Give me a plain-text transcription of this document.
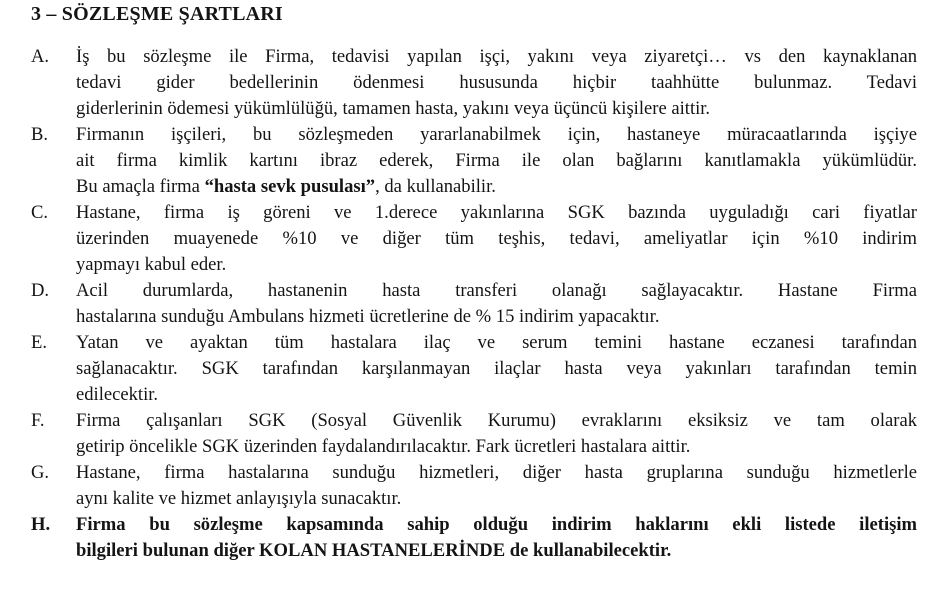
3 – SÖZLEŞME ŞARTLARI
A.	İş bu sözleşme ile Firma, tedavisi yapılan işçi, yakını veya ziyaretçi… vs den kaynaklanan
tedavi gider bedellerinin ödenmesi hususunda hiçbir taahhütte bulunmaz. Tedavi
giderlerinin ödemesi yükümlülüğü, tamamen hasta, yakını veya üçüncü kişilere aittir.
B.	Firmanın işçileri, bu sözleşmeden yararlanabilmek için, hastaneye müracaatlarında işçiye
ait firma kimlik kartını ibraz ederek, Firma ile olan bağlarını kanıtlamakla yükümlüdür.
Bu amaçla firma “hasta sevk pusulası”, da kullanabilir.
C.	Hastane, firma iş göreni ve 1.derece yakınlarına SGK bazında uyguladığı cari fiyatlar
üzerinden muayenede %10 ve diğer tüm teşhis, tedavi, ameliyatlar için %10 indirim
yapmayı kabul eder.
D.	Acil durumlarda, hastanenin hasta transferi olanağı sağlayacaktır. Hastane Firma
hastalarına sunduğu Ambulans hizmeti ücretlerine de % 15 indirim yapacaktır.
E.	Yatan ve ayaktan tüm hastalara ilaç ve serum temini hastane eczanesi tarafından
sağlanacaktır. SGK tarafından karşılanmayan ilaçlar hasta veya yakınları tarafından temin
edilecektir.
F.	Firma çalışanları SGK (Sosyal Güvenlik Kurumu) evraklarını eksiksiz ve tam olarak
getirip öncelikle SGK üzerinden faydalandırılacaktır. Fark ücretleri hastalara aittir.
G.	Hastane, firma hastalarına sunduğu hizmetleri, diğer hasta gruplarına sunduğu hizmetlerle
aynı kalite ve hizmet anlayışıyla sunacaktır.
H.	Firma bu sözleşme kapsamında sahip olduğu indirim haklarını ekli listede iletişim
bilgileri bulunan diğer KOLAN HASTANELERİNDE de kullanabilecektir.
